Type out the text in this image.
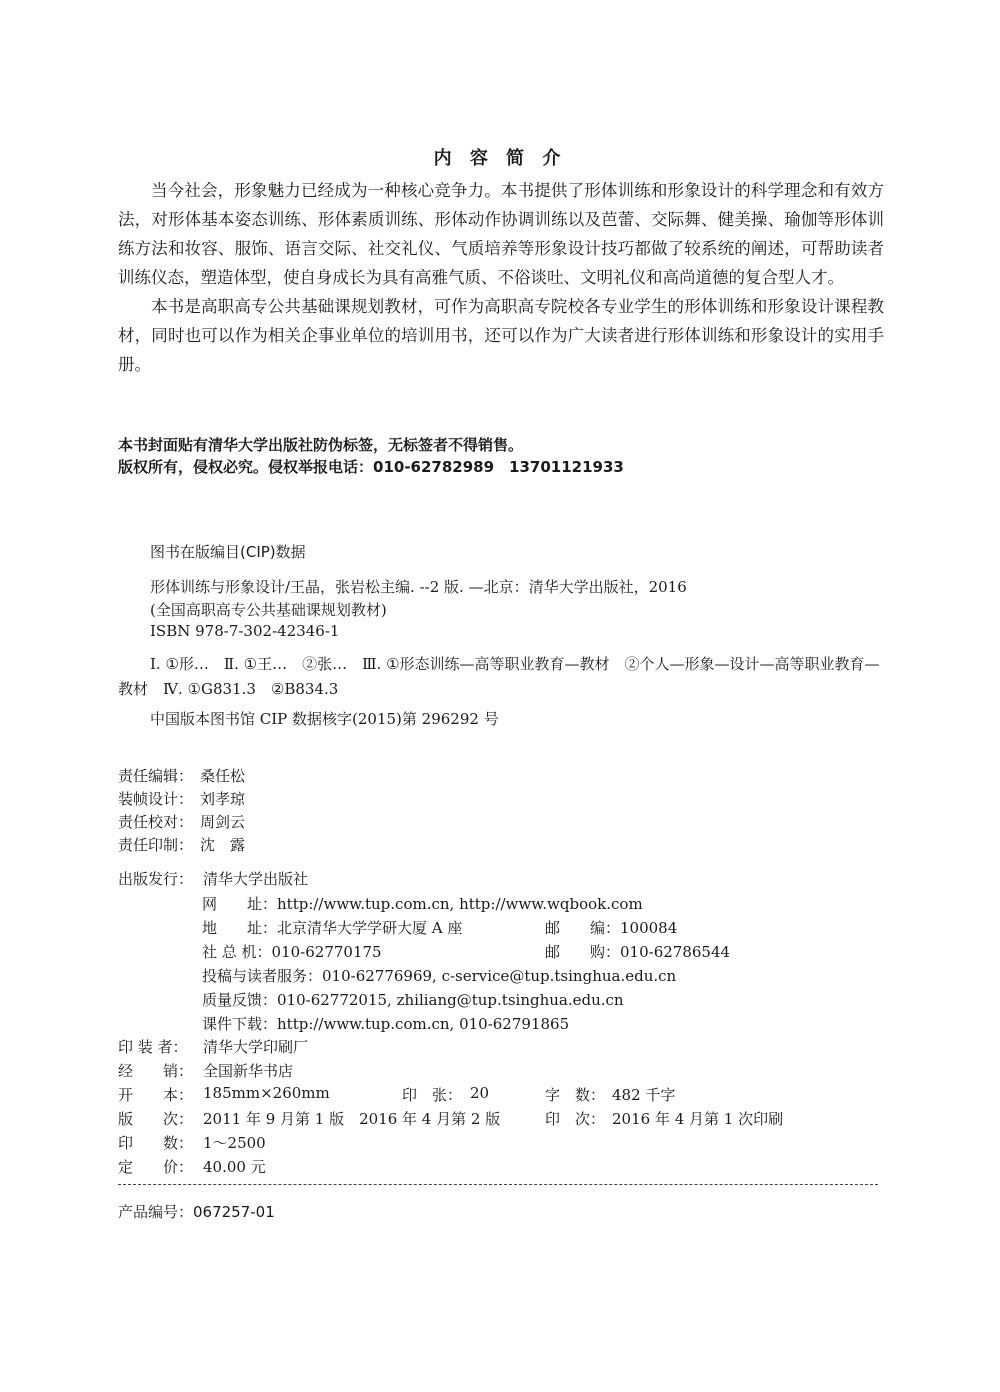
内 容 简 介

当今社会，形象魅力已经成为一种核心竞争力。本书提供了形体训练和形象设计的科学理念和有效方法，对形体基本姿态训练、形体素质训练、形体动作协调训练以及芭蕾、交际舞、健美操、瑜伽等形体训练方法和妆容、服饰、语言交际、社交礼仪、气质培养等形象设计技巧都做了较系统的阐述，可帮助读者训练仪态，塑造体型，使自身成长为具有高雅气质、不俗谈吐、文明礼仪和高尚道德的复合型人才。

本书是高职高专公共基础课规划教材，可作为高职高专院校各专业学生的形体训练和形象设计课程教材，同时也可以作为相关企事业单位的培训用书，还可以作为广大读者进行形体训练和形象设计的实用手册。

本书封面贴有清华大学出版社防伪标签，无标签者不得销售。
版权所有，侵权必究。侵权举报电话：010-62782989　13701121933
图书在版编目(CIP)数据
形体训练与形象设计/王晶，张岩松主编. --2 版. —北京：清华大学出版社，2016
(全国高职高专公共基础课规划教材)
ISBN 978-7-302-42346-1

Ⅰ. ①形…　Ⅱ. ①王…　②张…　Ⅲ. ①形态训练—高等职业教育—教材　②个人—形象—设计—高等职业教育—教材　Ⅳ. ①G831.3　②B834.3

中国版本图书馆 CIP 数据核字(2015)第 296292 号
责任编辑： 桑任松
装帧设计： 刘孝琼
责任校对： 周剑云
责任印制： 沈　露
出版发行： 清华大学出版社
网　　址：http://www.tup.com.cn, http://www.wqbook.com
地　　址：北京清华大学学研大厦 A 座	邮　　编：100084
社 总 机：010-62770175	邮　　购：010-62786544
投稿与读者服务：010-62776969, c-service@tup.tsinghua.edu.cn
质量反馈：010-62772015, zhiliang@tup.tsinghua.edu.cn
课件下载：http://www.tup.com.cn, 010-62791865
印 装 者： 清华大学印刷厂
经　　销： 全国新华书店
开　　本： 185mm×260mm	印　张： 20	字　数： 482 千字
版　　次： 2011 年 9 月第 1 版　2016 年 4 月第 2 版	印　次： 2016 年 4 月第 1 次印刷
印　　数： 1～2500
定　　价： 40.00 元
产品编号：067257-01
